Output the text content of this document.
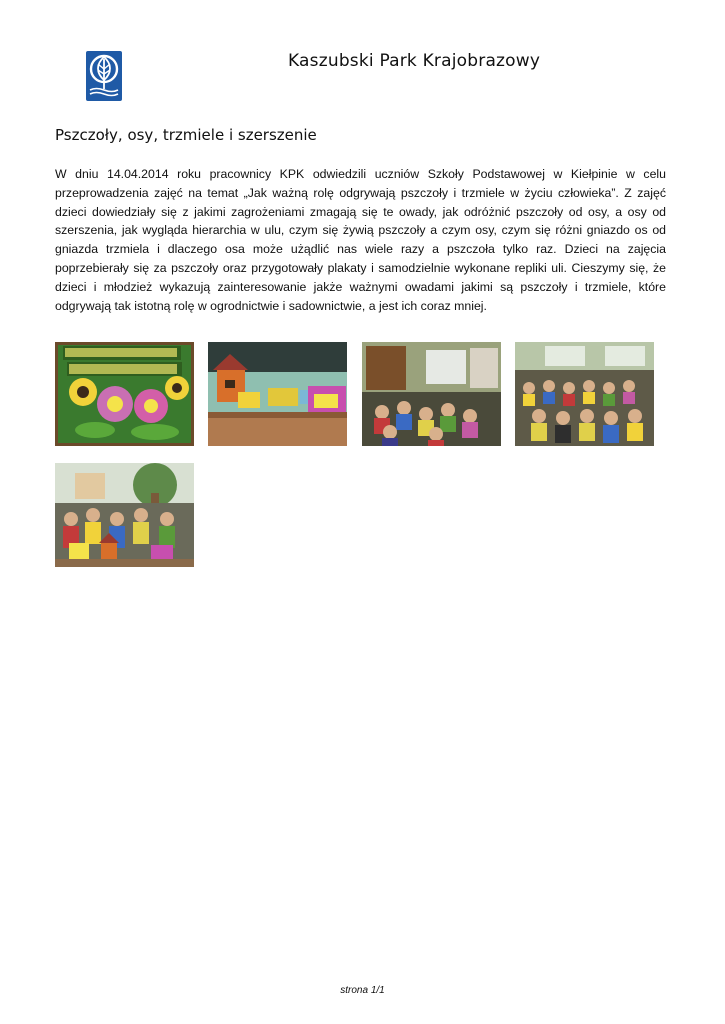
Kaszubski Park Krajobrazowy
Pszczoły, osy, trzmiele i szerszenie

W dniu 14.04.2014 roku pracownicy KPK odwiedzili uczniów Szkoły Podstawowej w Kiełpinie w celu przeprowadzenia zajęć na temat „Jak ważną rolę odgrywają pszczoły i trzmiele w życiu człowieka”. Z zajęć dzieci dowiedziały się z jakimi zagrożeniami zmagają się te owady, jak odróżnić pszczoły od osy, a osy od szerszenia, jak wygląda hierarchia w ulu, czym się żywią pszczoły a czym osy, czym się różni gniazdo os od gniazda trzmiela i dlaczego osa może użądlić nas wiele razy a pszczoła tylko raz. Dzieci na zajęcia poprzebierały się za pszczoły oraz przygotowały plakaty i samodzielnie wykonane repliki uli. Cieszymy się, że dzieci i młodzież wykazują zainteresowanie jakże ważnymi owadami jakimi są pszczoły i trzmiele, które odgrywają tak istotną rolę w ogrodnictwie i sadownictwie, a jest ich coraz mniej.

strona 1/1
